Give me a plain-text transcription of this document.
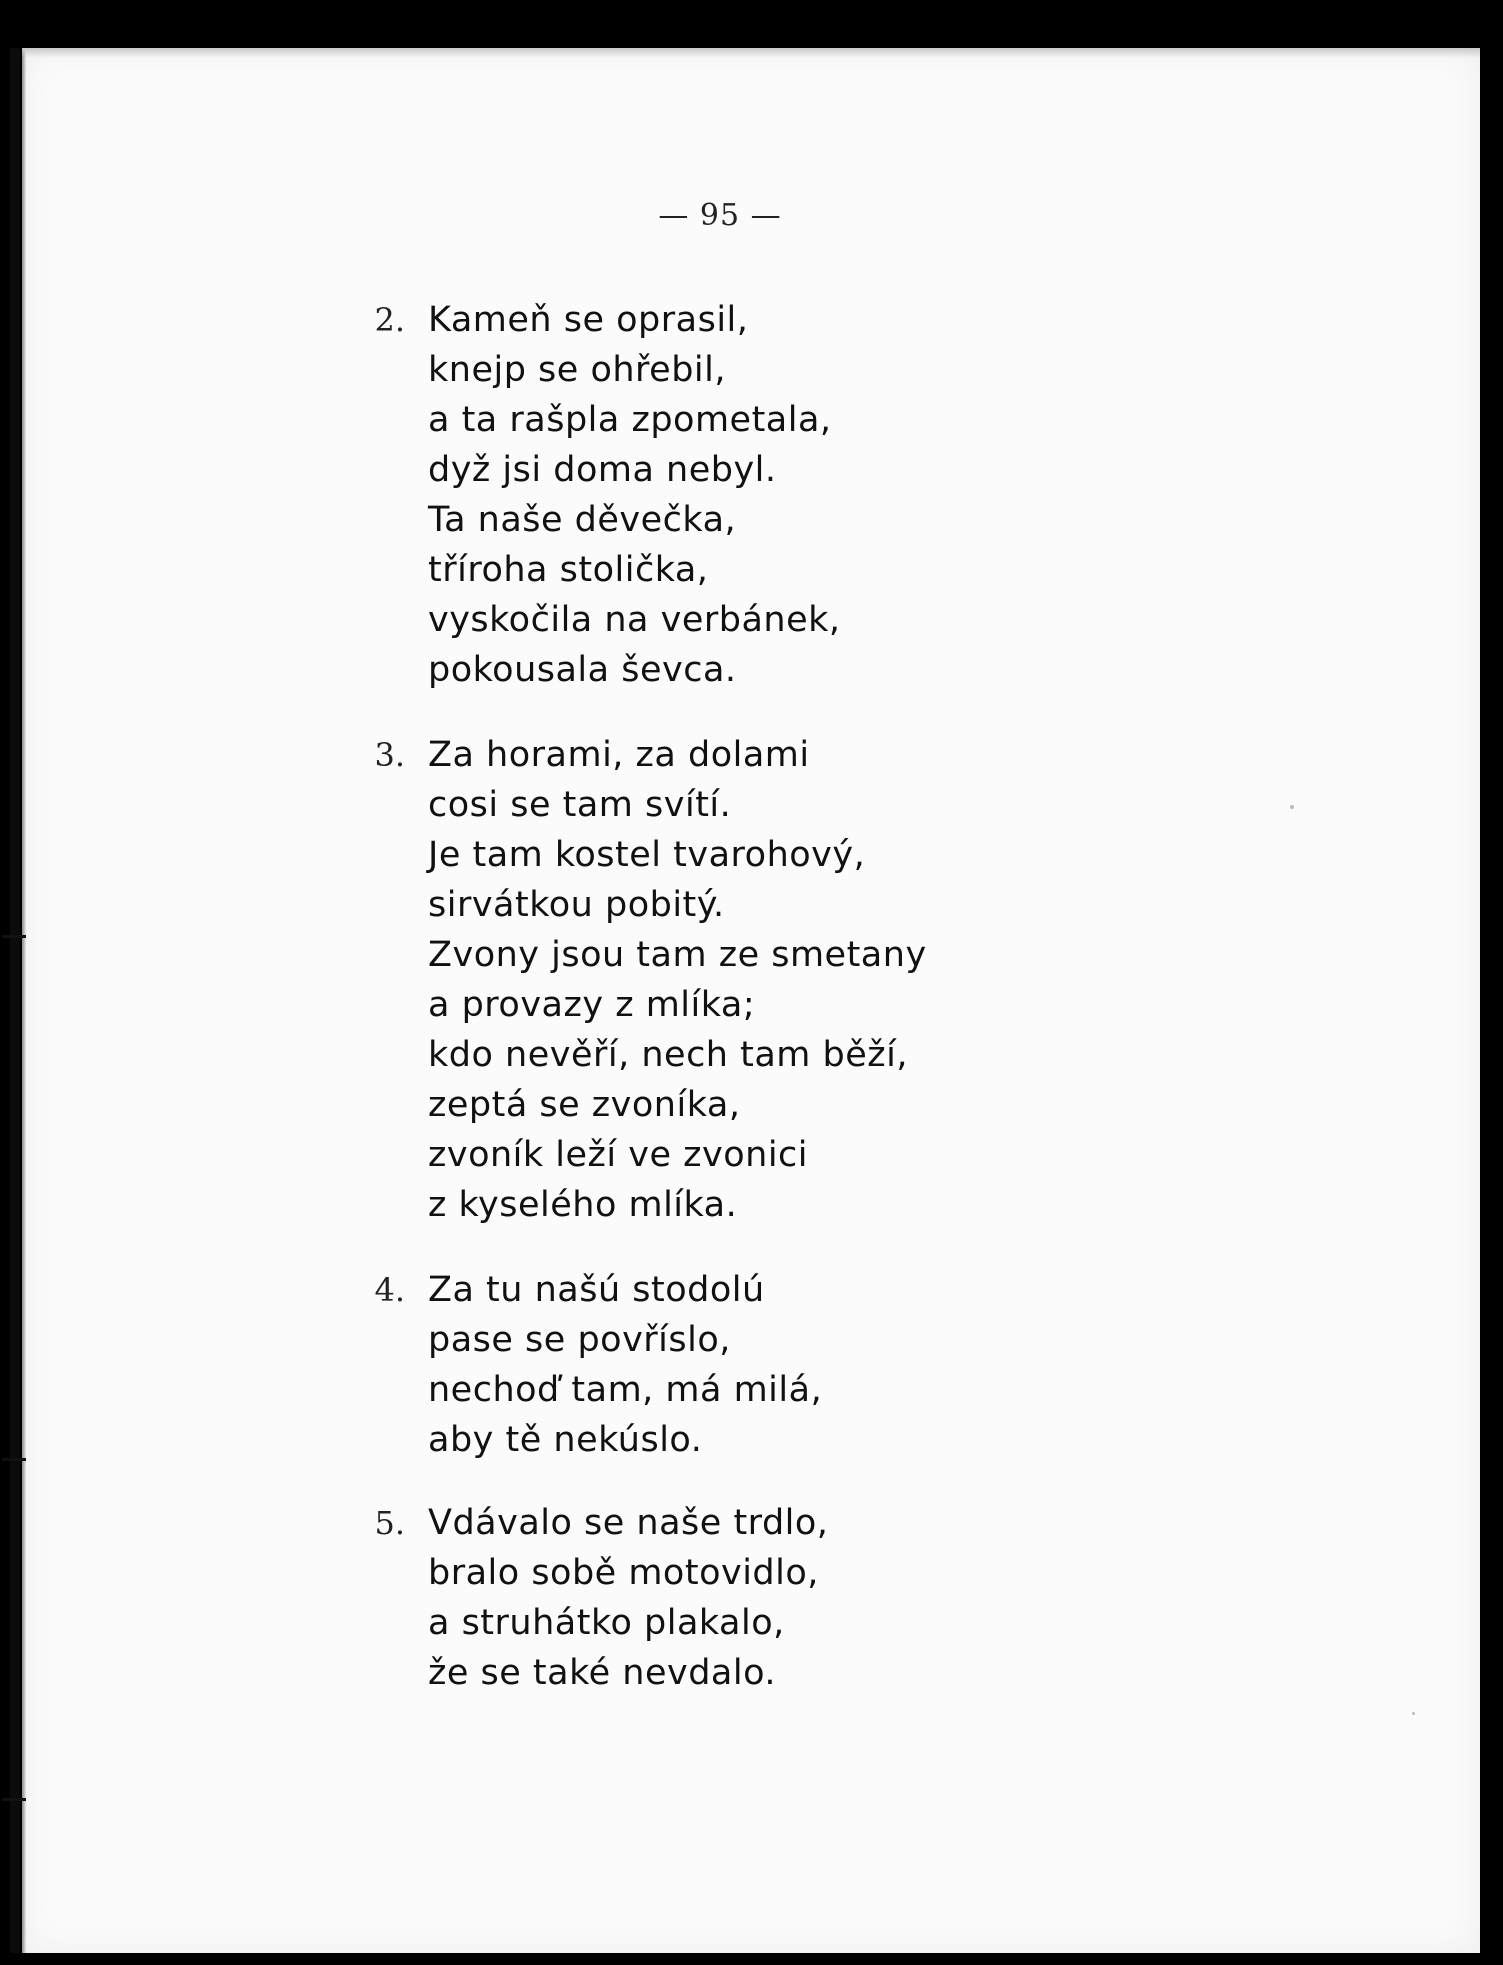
— 95 —
2. Kameň se oprasil,
knejp se ohřebil,
a ta rašpla zpometala,
dyž jsi doma nebyl.
Ta naše děvečka,
tříroha stolička,
vyskočila na verbánek,
pokousala ševca.
3. Za horami, za dolami
cosi se tam svítí.
Je tam kostel tvarohový,
sirvátkou pobitý.
Zvony jsou tam ze smetany
a provazy z mlíka;
kdo nevěří, nech tam běží,
zeptá se zvoníka,
zvoník leží ve zvonici
z kyselého mlíka.
4. Za tu našú stodolú
pase se povříslo,
nechoď tam, má milá,
aby tě nekúslo.
5. Vdávalo se naše trdlo,
bralo sobě motovidlo,
a struhátko plakalo,
že se také nevdalo.
